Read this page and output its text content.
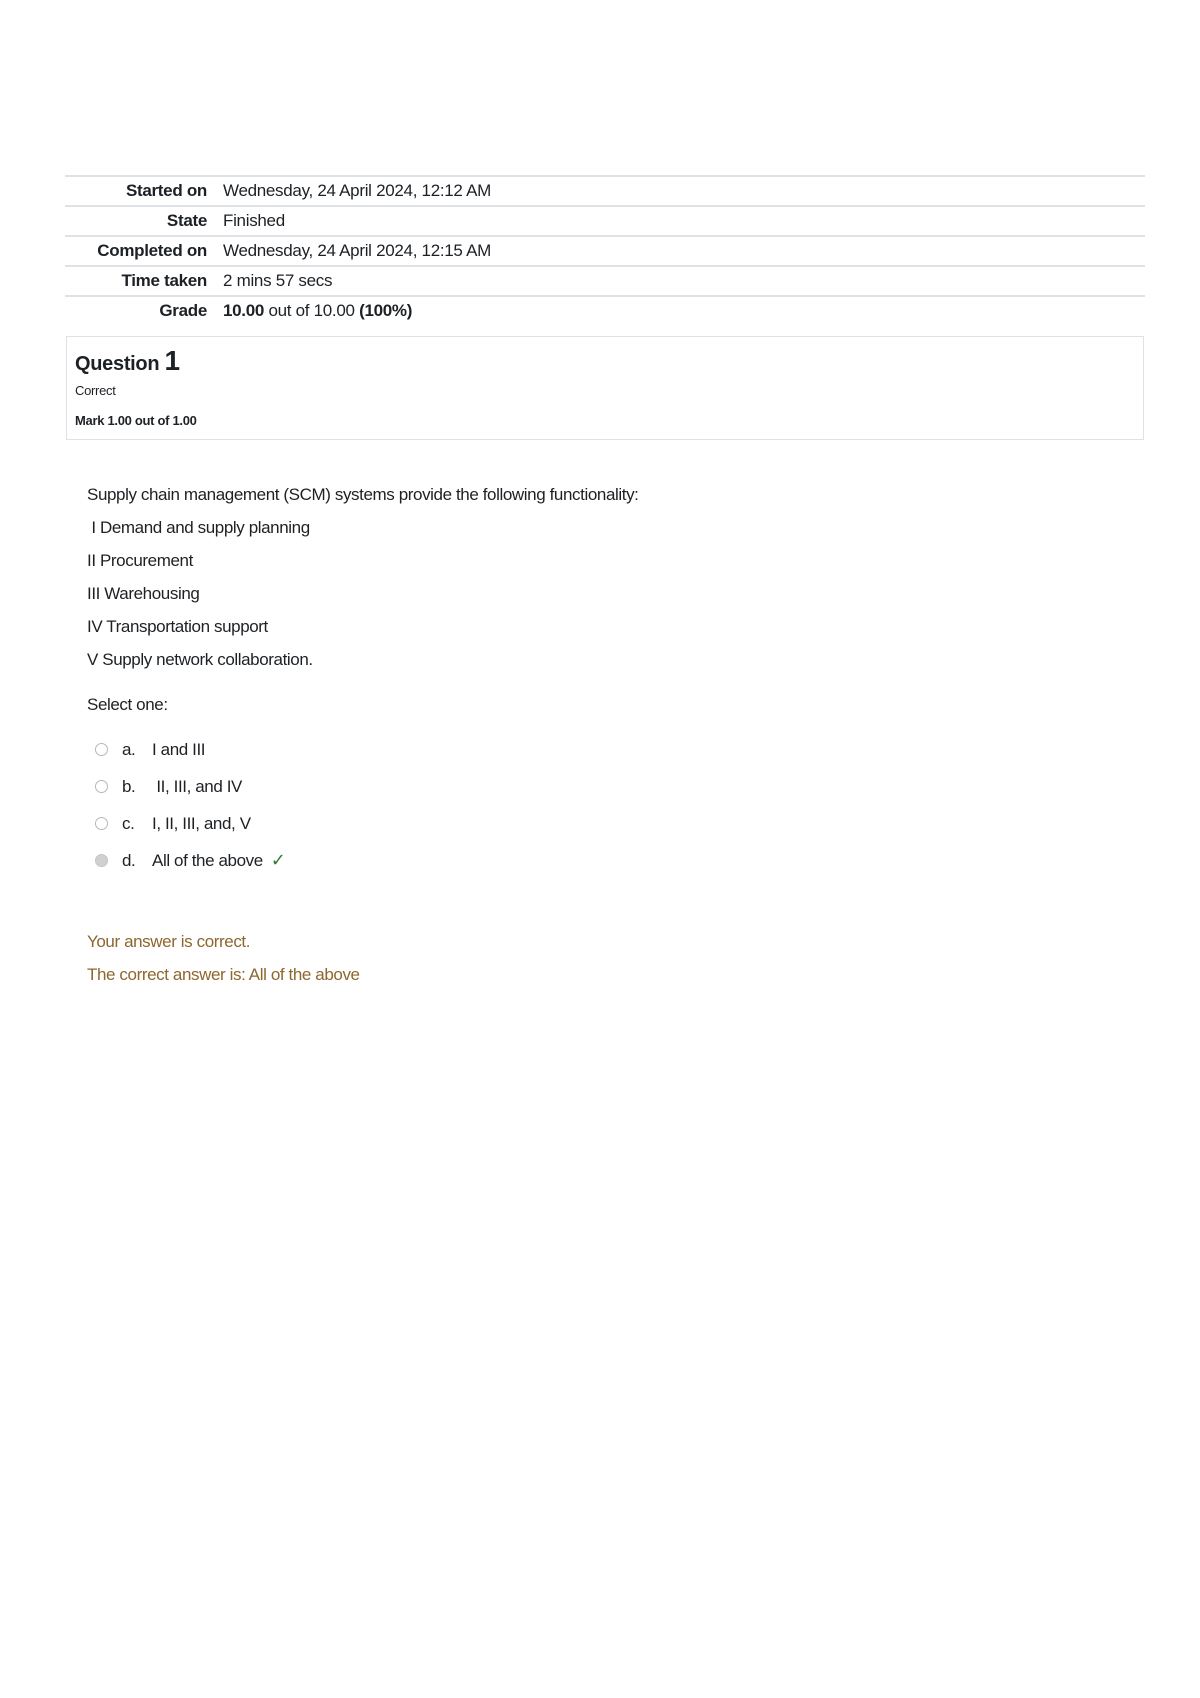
Started on Wednesday, 24 April 2024, 12:12 AM
State Finished
Completed on Wednesday, 24 April 2024, 12:15 AM
Time taken 2 mins 57 secs
Grade 10.00 out of 10.00 (100%)
Question 1
Correct
Mark 1.00 out of 1.00

Supply chain management (SCM) systems provide the following functionality:

I Demand and supply planning

II Procurement

III Warehousing

IV Transportation support

V Supply network collaboration.

Select one:
a. I and III
b. II, III, and IV
c.	I, II, III, and, V
d. All of the above ✓

Your answer is correct.

The correct answer is: All of the above
